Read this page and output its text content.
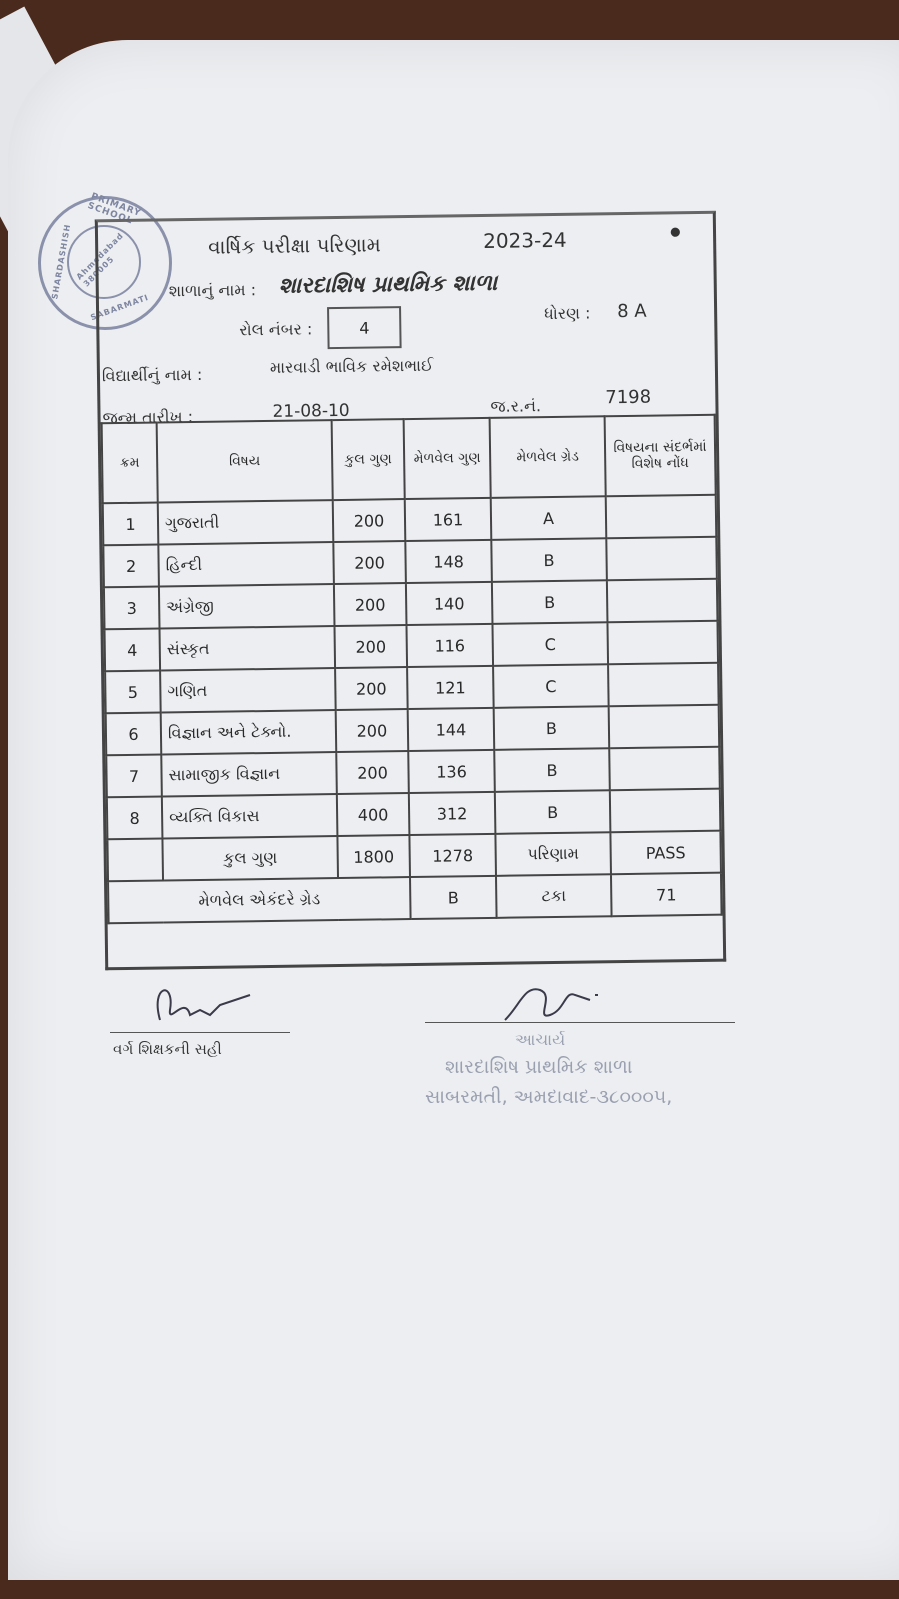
PRIMARY SCHOOL
SHARDASHISH
SABARMATI
Ahmedabad 380005
વાર્ષિક પરીક્ષા પરિણામ	2023-24	●
શાળાનું નામ : શારદાશિષ પ્રાથમિક શાળા
રોલ નંબર :	4
ધોરણ : 8 A
વિદ્યાર્થીનું નામ :	મારવાડી ભાવિક રમેશભાઈ
જન્મ તારીખ :	21-08-10	જ.ર.નં.	7198
ક્રમ	વિષય	કુલ ગુણ	મેળવેલ ગુણ	મેળવેલ ગ્રેડ	વિષયના સંદર્ભમાં વિશેષ નોંધ
1	ગુજરાતી	200	161	A	
2	હિન્દી	200	148	B	
3	અંગ્રેજી	200	140	B	
4	સંસ્કૃત	200	116	C	
5	ગણિત	200	121	C	
6	વિજ્ઞાન અને ટેક્નો.	200	144	B	
7	સામાજીક વિજ્ઞાન	200	136	B	
8	વ્યક્તિ વિકાસ	400	312	B	
	કુલ ગુણ	1800	1278	પરિણામ	PASS
મેળવેલ એકંદરે ગ્રેડ			B	ટકા	71
વર્ગ શિક્ષકની સહી	આચાર્ય
શારદાશિષ પ્રાથમિક શાળા
સાબરમતી, અમદાવાદ-૩૮૦૦૦૫,
